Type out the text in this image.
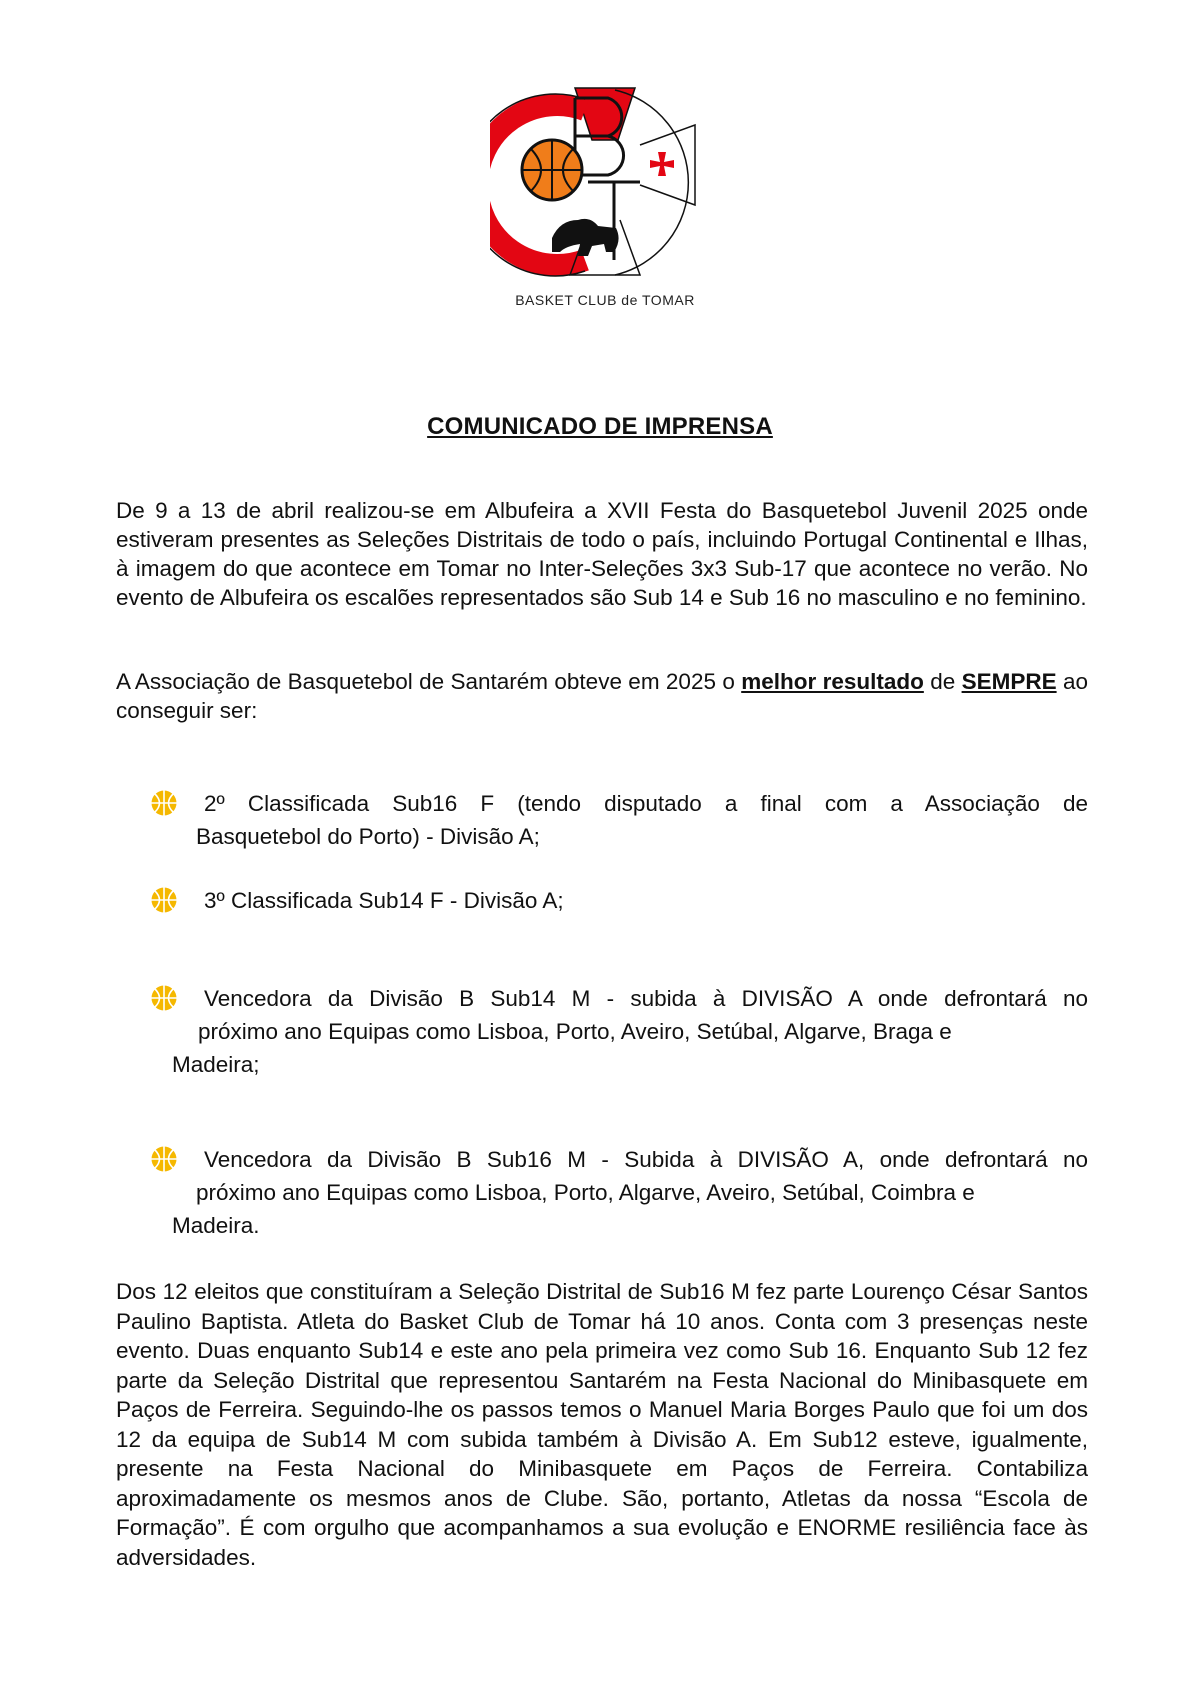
BASKET CLUB de TOMAR
COMUNICADO DE IMPRENSA

De 9 a 13 de abril realizou-se em Albufeira a XVII Festa do Basquetebol Juvenil 2025 onde estiveram presentes as Seleções Distritais de todo o país, incluindo Portugal Continental e Ilhas, à imagem do que acontece em Tomar no Inter-Seleções 3x3 Sub-17 que acontece no verão. No evento de Albufeira os escalões representados são Sub 14 e Sub 16 no masculino e no feminino.

A Associação de Basquetebol de Santarém obteve em 2025 o melhor resultado de SEMPRE ao conseguir ser:

2º Classificada Sub16 F (tendo disputado a final com a Associação de
Basquetebol do Porto) - Divisão A;
3º Classificada Sub14 F - Divisão A;
Vencedora da Divisão B Sub14 M - subida à DIVISÃO A onde defrontará no
próximo ano Equipas como Lisboa, Porto, Aveiro, Setúbal, Algarve, Braga e
Madeira;
Vencedora da Divisão B Sub16 M - Subida à DIVISÃO A, onde defrontará no
próximo ano Equipas como Lisboa, Porto, Algarve, Aveiro, Setúbal, Coimbra e
Madeira.

Dos 12 eleitos que constituíram a Seleção Distrital de Sub16 M fez parte Lourenço César Santos Paulino Baptista. Atleta do Basket Club de Tomar há 10 anos. Conta com 3 presenças neste evento. Duas enquanto Sub14 e este ano pela primeira vez como Sub 16. Enquanto Sub 12 fez parte da Seleção Distrital que representou Santarém na Festa Nacional do Minibasquete em Paços de Ferreira. Seguindo-lhe os passos temos o Manuel Maria Borges Paulo que foi um dos 12 da equipa de Sub14 M com subida também à Divisão A. Em Sub12 esteve, igualmente, presente na Festa Nacional do Minibasquete em Paços de Ferreira. Contabiliza aproximadamente os mesmos anos de Clube. São, portanto, Atletas da nossa “Escola de Formação”. É com orgulho que acompanhamos a sua evolução e ENORME resiliência face às adversidades.
